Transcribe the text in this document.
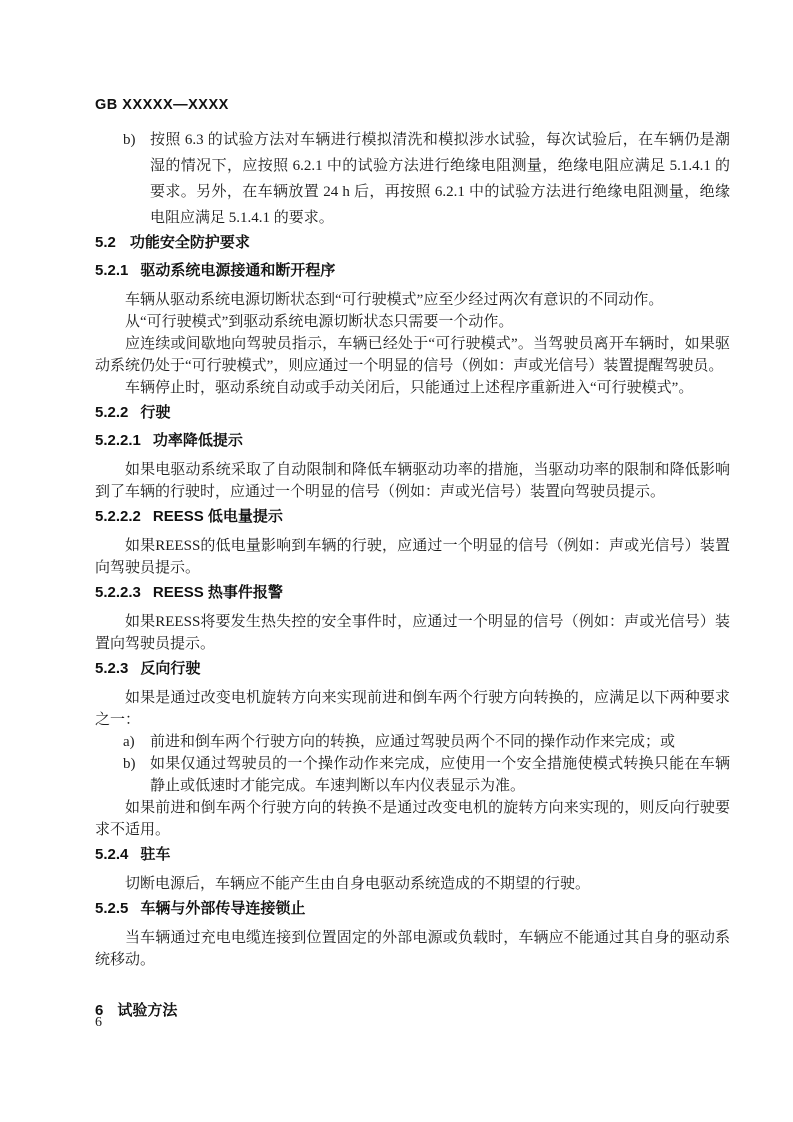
GB XXXXX—XXXX
b) 按照 6.3 的试验方法对车辆进行模拟清洗和模拟涉水试验，每次试验后，在车辆仍是潮湿的情况下，应按照 6.2.1 中的试验方法进行绝缘电阻测量，绝缘电阻应满足 5.1.4.1 的要求。另外，在车辆放置 24 h 后，再按照 6.2.1 中的试验方法进行绝缘电阻测量，绝缘电阻应满足 5.1.4.1 的要求。
5.2 功能安全防护要求
5.2.1 驱动系统电源接通和断开程序

车辆从驱动系统电源切断状态到“可行驶模式”应至少经过两次有意识的不同动作。

从“可行驶模式”到驱动系统电源切断状态只需要一个动作。

应连续或间歇地向驾驶员指示，车辆已经处于“可行驶模式”。当驾驶员离开车辆时，如果驱动系统仍处于“可行驶模式”，则应通过一个明显的信号（例如：声或光信号）装置提醒驾驶员。

车辆停止时，驱动系统自动或手动关闭后，只能通过上述程序重新进入“可行驶模式”。

5.2.2 行驶
5.2.2.1 功率降低提示

如果电驱动系统采取了自动限制和降低车辆驱动功率的措施，当驱动功率的限制和降低影响到了车辆的行驶时，应通过一个明显的信号（例如：声或光信号）装置向驾驶员提示。

5.2.2.2 REESS 低电量提示

如果REESS的低电量影响到车辆的行驶，应通过一个明显的信号（例如：声或光信号）装置向驾驶员提示。

5.2.2.3 REESS 热事件报警

如果REESS将要发生热失控的安全事件时，应通过一个明显的信号（例如：声或光信号）装置向驾驶员提示。

5.2.3 反向行驶

如果是通过改变电机旋转方向来实现前进和倒车两个行驶方向转换的，应满足以下两种要求之一：

a) 前进和倒车两个行驶方向的转换，应通过驾驶员两个不同的操作动作来完成；或
b) 如果仅通过驾驶员的一个操作动作来完成，应使用一个安全措施使模式转换只能在车辆静止或低速时才能完成。车速判断以车内仪表显示为准。

如果前进和倒车两个行驶方向的转换不是通过改变电机的旋转方向来实现的，则反向行驶要求不适用。

5.2.4 驻车

切断电源后，车辆应不能产生由自身电驱动系统造成的不期望的行驶。

5.2.5 车辆与外部传导连接锁止

当车辆通过充电电缆连接到位置固定的外部电源或负载时，车辆应不能通过其自身的驱动系统移动。

6 试验方法
6
